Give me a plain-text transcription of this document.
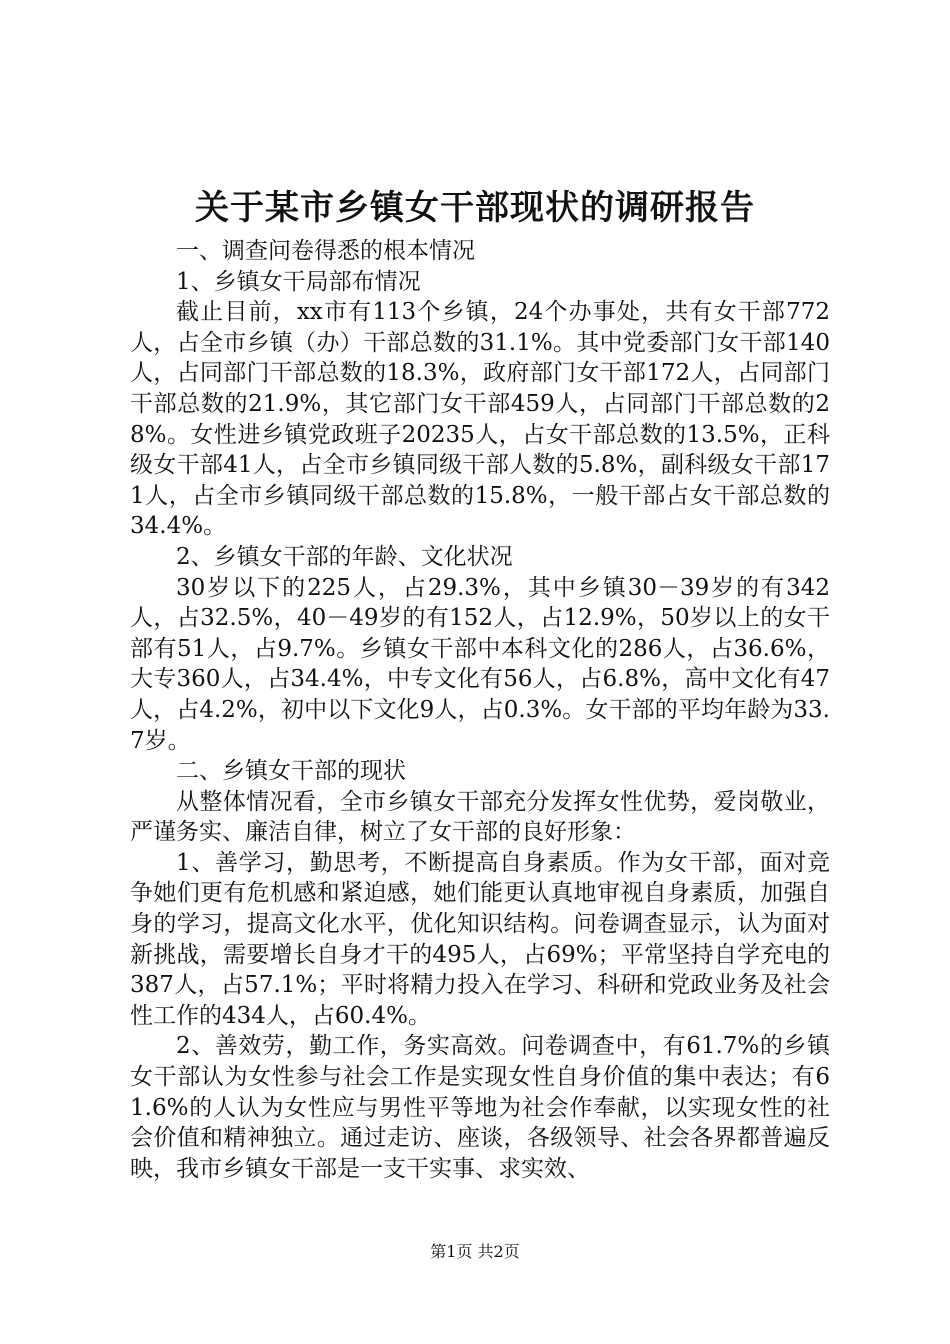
关于某市乡镇女干部现状的调研报告

一、调查问卷得悉的根本情况

1、乡镇女干局部布情况

截止目前，xx市有113个乡镇，24个办事处，共有女干部772人，占全市乡镇（办）干部总数的31.1%。其中党委部门女干部140人，占同部门干部总数的18.3%，政府部门女干部172人，占同部门干部总数的21.9%，其它部门女干部459人，占同部门干部总数的28%。女性进乡镇党政班子20235人，占女干部总数的13.5%，正科级女干部41人，占全市乡镇同级干部人数的5.8%，副科级女干部171人，占全市乡镇同级干部总数的15.8%，一般干部占女干部总数的34.4%。

2、乡镇女干部的年龄、文化状况

30岁以下的225人，占29.3%，其中乡镇30－39岁的有342人，占32.5%，40－49岁的有152人，占12.9%，50岁以上的女干部有51人，占9.7%。乡镇女干部中本科文化的286人，占36.6%，大专360人，占34.4%，中专文化有56人，占6.8%，高中文化有47人，占4.2%，初中以下文化9人，占0.3%。女干部的平均年龄为33.7岁。

二、乡镇女干部的现状

从整体情况看，全市乡镇女干部充分发挥女性优势，爱岗敬业，严谨务实、廉洁自律，树立了女干部的良好形象：

1、善学习，勤思考，不断提高自身素质。作为女干部，面对竞争她们更有危机感和紧迫感，她们能更认真地审视自身素质，加强自身的学习，提高文化水平，优化知识结构。问卷调查显示，认为面对新挑战，需要增长自身才干的495人，占69%；平常坚持自学充电的387人，占57.1%；平时将精力投入在学习、科研和党政业务及社会性工作的434人，占60.4%。

2、善效劳，勤工作，务实高效。问卷调查中，有61.7%的乡镇女干部认为女性参与社会工作是实现女性自身价值的集中表达；有61.6%的人认为女性应与男性平等地为社会作奉献，以实现女性的社会价值和精神独立。通过走访、座谈，各级领导、社会各界都普遍反映，我市乡镇女干部是一支干实事、求实效、

第1页 共2页
